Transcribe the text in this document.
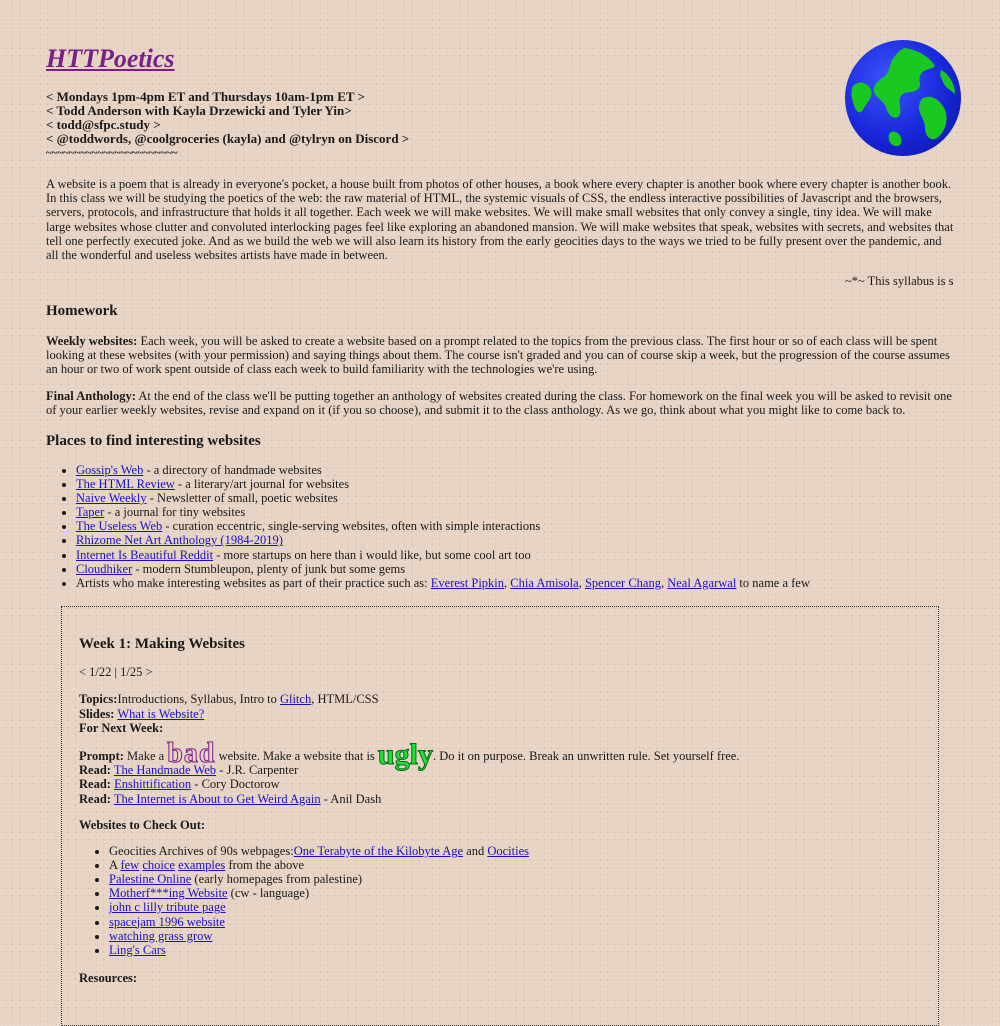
HTTPoetics
< Mondays 1pm-4pm ET and Thursdays 10am-1pm ET >
< Todd Anderson with Kayla Drzewicki and Tyler Yin>
< todd@sfpc.study >
< @toddwords, @coolgroceries (kayla) and @tylryn on Discord >
~~~~~~~~~~~~~~~~~~~~~~~

A website is a poem that is already in everyone's pocket, a house built from photos of other houses, a book where every chapter is another book where every chapter is another book. In this class we will be studying the poetics of the web: the raw material of HTML, the systemic visuals of CSS, the endless interactive possibilities of Javascript and the browsers, servers, protocols, and infrastructure that holds it all together. Each week we will make websites. We will make small websites that only convey a single, tiny idea. We will make large websites whose clutter and convoluted interlocking pages feel like exploring an abandoned mansion. We will make websites that speak, websites with secrets, and websites that tell one perfectly executed joke. And as we build the web we will also learn its history from the early geocities days to the ways we tried to be fully present over the pandemic, and all the wonderful and useless websites artists have made in between.

~*~ This syllabus is s
Homework

Weekly websites: Each week, you will be asked to create a website based on a prompt related to the topics from the previous class. The first hour or so of each class will be spent looking at these websites (with your permission) and saying things about them. The course isn't graded and you can of course skip a week, but the progression of the course assumes an hour or two of work spent outside of class each week to build familiarity with the technologies we're using.

Final Anthology: At the end of the class we'll be putting together an anthology of websites created during the class. For homework on the final week you will be asked to revisit one of your earlier weekly websites, revise and expand on it (if you so choose), and submit it to the class anthology. As we go, think about what you might like to come back to.

Places to find interesting websites
• Gossip's Web - a directory of handmade websites
• The HTML Review - a literary/art journal for websites
• Naive Weekly - Newsletter of small, poetic websites
• Taper - a journal for tiny websites
• The Useless Web - curation eccentric, single-serving websites, often with simple interactions
• Rhizome Net Art Anthology (1984-2019)
• Internet Is Beautiful Reddit - more startups on here than i would like, but some cool art too
• Cloudhiker - modern Stumbleupon, plenty of junk but some gems
• Artists who make interesting websites as part of their practice such as: Everest Pipkin, Chia Amisola, Spencer Chang, Neal Agarwal to name a few
Week 1: Making Websites
< 1/22 | 1/25 >
Topics:Introductions, Syllabus, Intro to Glitch, HTML/CSS
Slides: What is Website?
For Next Week:
Prompt: Make a bad website. Make a website that is ugly. Do it on purpose. Break an unwritten rule. Set yourself free.
Read: The Handmade Web - J.R. Carpenter
Read: Enshittification - Cory Doctorow
Read: The Internet is About to Get Weird Again - Anil Dash
Websites to Check Out:
• Geocities Archives of 90s webpages:One Terabyte of the Kilobyte Age and Oocities
• A few choice examples from the above
• Palestine Online (early homepages from palestine)
• Motherf***ing Website (cw - language)
• john c lilly tribute page
• spacejam 1996 website
• watching grass grow
• Ling's Cars
Resources:
